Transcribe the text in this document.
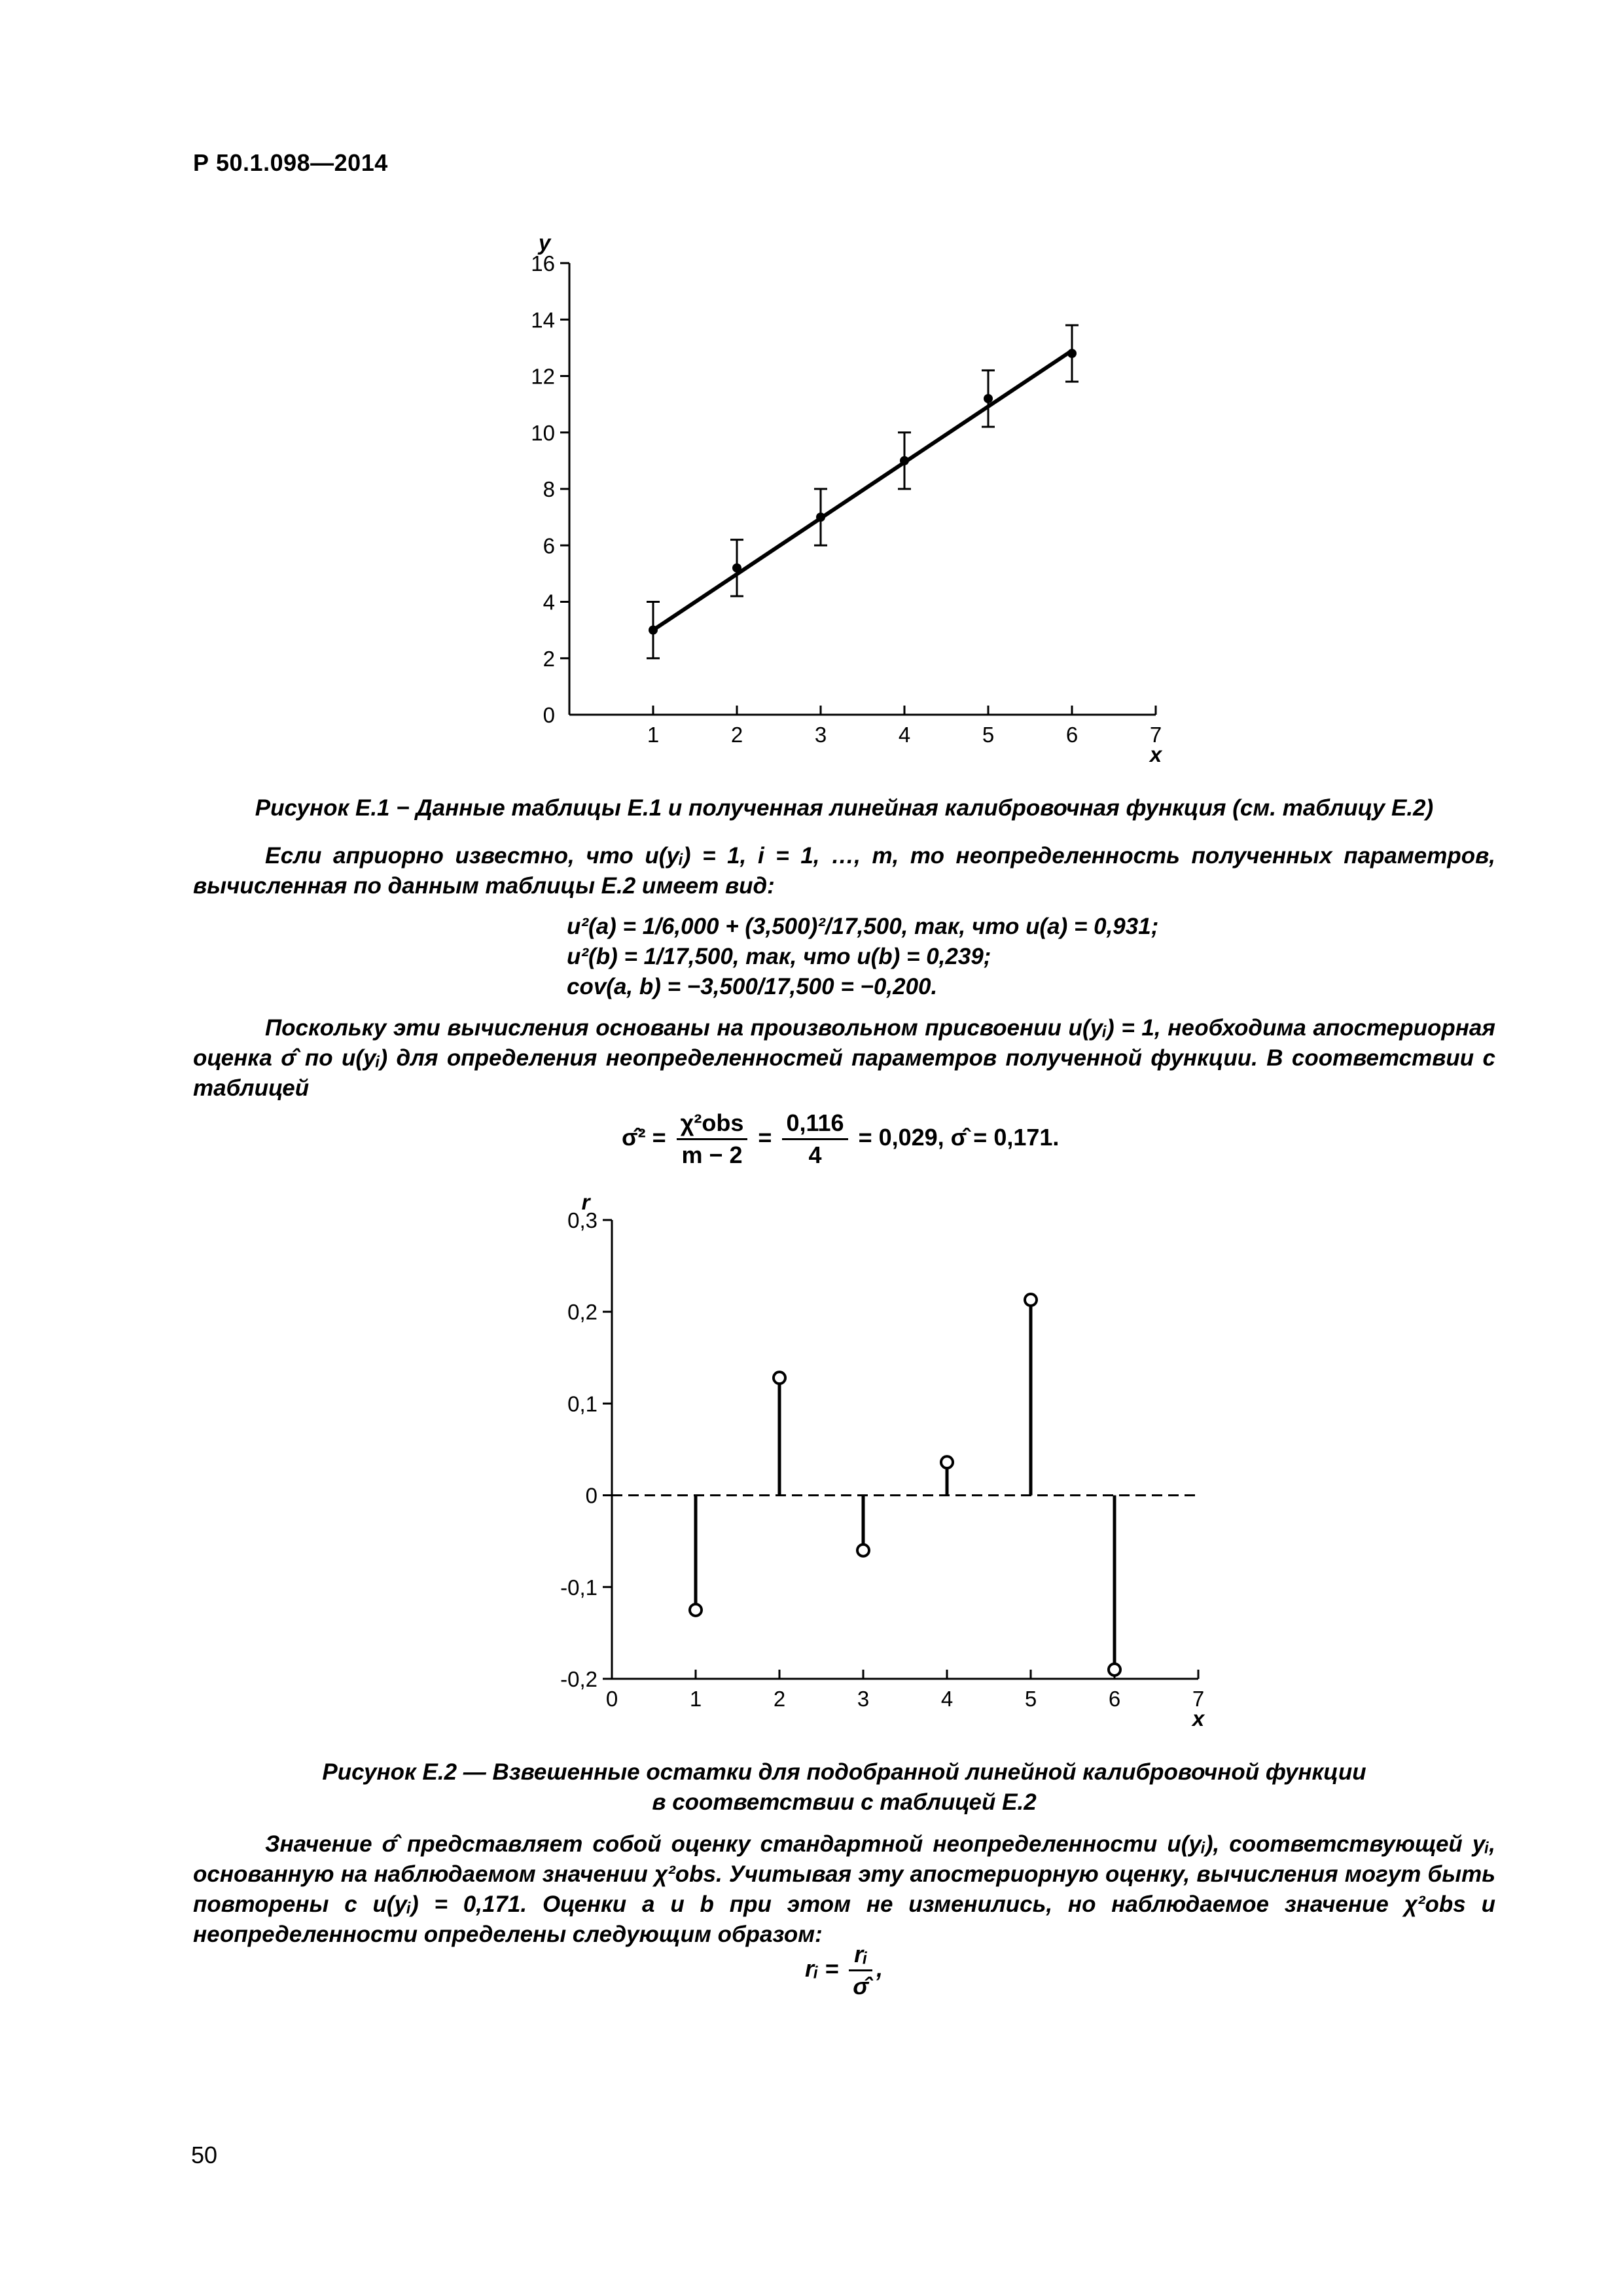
Р 50.1.098—2014
0
2
4
6
8
10
12
14
16
1	2	3	4	5	6	7
y
x
Рисунок Е.1 − Данные таблицы Е.1 и полученная линейная калибровочная функция (см. таблицу Е.2)
Если априорно известно, что u(yᵢ) = 1, i = 1, …, m, то неопределенность полученных параметров, вычисленная по данным таблицы Е.2 имеет вид:
u²(a) = 1/6,000 + (3,500)²/17,500, так, что u(a) = 0,931;
u²(b) = 1/17,500, так, что u(b) = 0,239;
cov(a, b) = −3,500/17,500 = −0,200.
Поскольку эти вычисления основаны на произвольном присвоении u(yᵢ) = 1, необходима апостериорная оценка σ̂ по u(yᵢ) для определения неопределенностей параметров полученной функции. В соответствии с таблицей
σ̂² = $\frac{\text{χ²obs}}{m - 2} = \frac{0,116}{4} = 0,029$, σ̂ = 0,171.
-0,2
-0,1
0
0,1
0,2
0,3
0	1	2	3	4	5	6	7
r
x
Рисунок Е.2 — Взвешенные остатки для подобранной линейной калибровочной функции
в соответствии с таблицей Е.2
Значение σ̂ представляет собой оценку стандартной неопределенности u(yᵢ), соответствующей yᵢ, основанную на наблюдаемом значении χ²obs. Учитывая эту апостериорную оценку, вычисления могут быть повторены с u(yᵢ) = 0,171. Оценки a и b при этом не изменились, но наблюдаемое значение χ²obs и неопределенности определены следующим образом:
rᵢ = $\frac{\text{rᵢ}}{\sigmâ}$ ,
50
